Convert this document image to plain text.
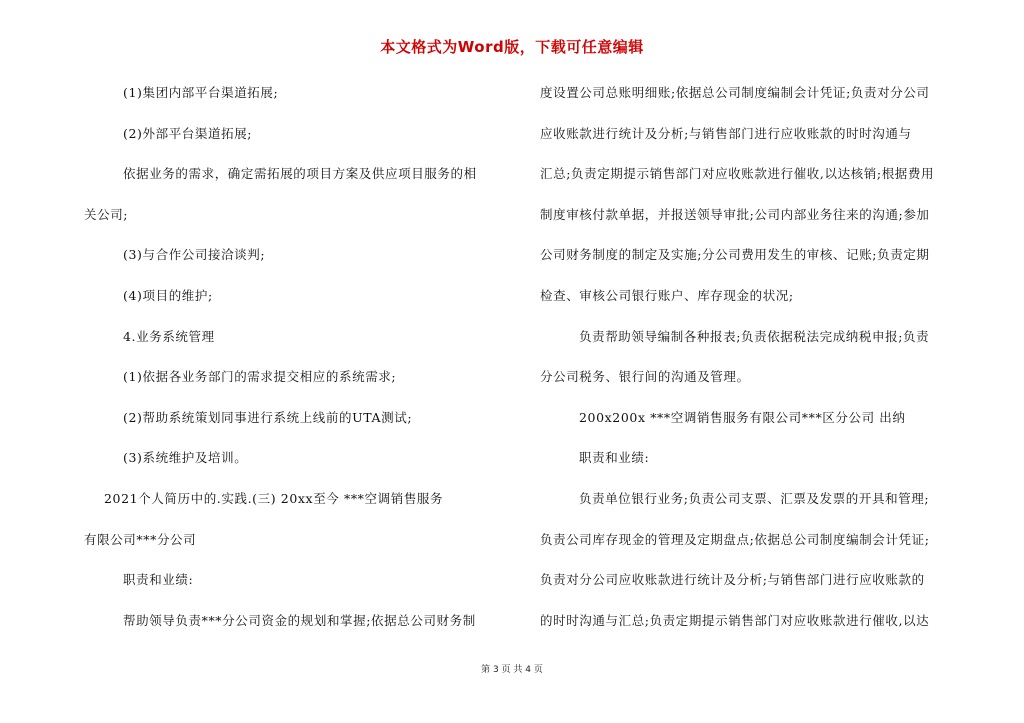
本文格式为Word版，下载可任意编辑
(1)集团内部平台渠道拓展;
(2)外部平台渠道拓展;
依据业务的需求，确定需拓展的项目方案及供应项目服务的相
关公司;
(3)与合作公司接洽谈判;
(4)项目的维护;
4.业务系统管理
(1)依据各业务部门的需求提交相应的系统需求;
(2)帮助系统策划同事进行系统上线前的UTA测试;
(3)系统维护及培训。
2021个人简历中的.实践.(三) 20xx至今 ***空调销售服务
有限公司***分公司
职责和业绩:
帮助领导负责***分公司资金的规划和掌握;依据总公司财务制
度设置公司总账明细账;依据总公司制度编制会计凭证;负责对分公司
应收账款进行统计及分析;与销售部门进行应收账款的时时沟通与
汇总;负责定期提示销售部门对应收账款进行催收,以达核销;根据费用
制度审核付款单据，并报送领导审批;公司内部业务往来的沟通;参加
公司财务制度的制定及实施;分公司费用发生的审核、记账;负责定期
检查、审核公司银行账户、库存现金的状况;
负责帮助领导编制各种报表;负责依据税法完成纳税申报;负责
分公司税务、银行间的沟通及管理。
200x200x ***空调销售服务有限公司***区分公司 出纳
职责和业绩:
负责单位银行业务;负责公司支票、汇票及发票的开具和管理;
负责公司库存现金的管理及定期盘点;依据总公司制度编制会计凭证;
负责对分公司应收账款进行统计及分析;与销售部门进行应收账款的
的时时沟通与汇总;负责定期提示销售部门对应收账款进行催收,以达
第 3 页 共 4 页
